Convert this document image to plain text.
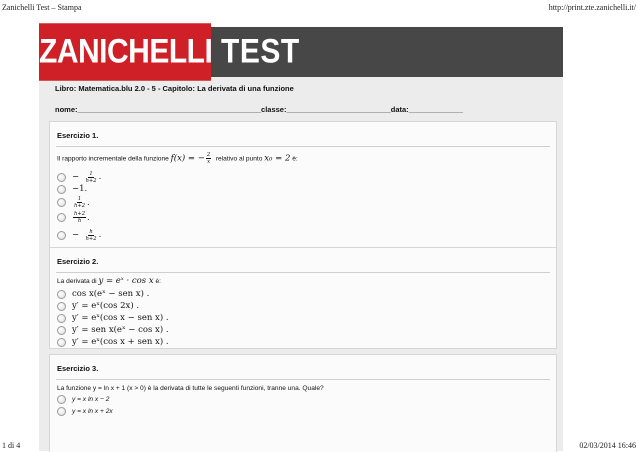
Zanichelli Test – Stampa	http://print.zte.zanichelli.it/
ZANICHELLI TEST
Libro: Matematica.blu 2.0 - 5 - Capitolo: La derivata di una funzione
nome:____________________________________________classe:_________________________data:_____________
Esercizio 1.
Il rapporto incrementale della funzione f(x) = − $\frac{2}{x}$ relativo al punto x₀ = 2 è:
−
$\frac{1}{h+2}$ .
−1.
$\frac{1}{h+2}$ .
$\frac{h+2}{h}$ .
−
$\frac{h}{h+2}$ .
Esercizio 2.
La derivata di y = eˣ · cos x è:
cos x(eˣ − sen x) .
y′ = eˣ(cos 2x) .
y′ = eˣ(cos x − sen x) .
y′ = sen x(eˣ − cos x) .
y′ = eˣ(cos x + sen x) .
Esercizio 3.
La funzione y = ln x + 1 (x > 0) è la derivata di tutte le seguenti funzioni, tranne una. Quale?
y = x ln x − 2
y = x ln x + 2x
1 di 4	02/03/2014 16:46
